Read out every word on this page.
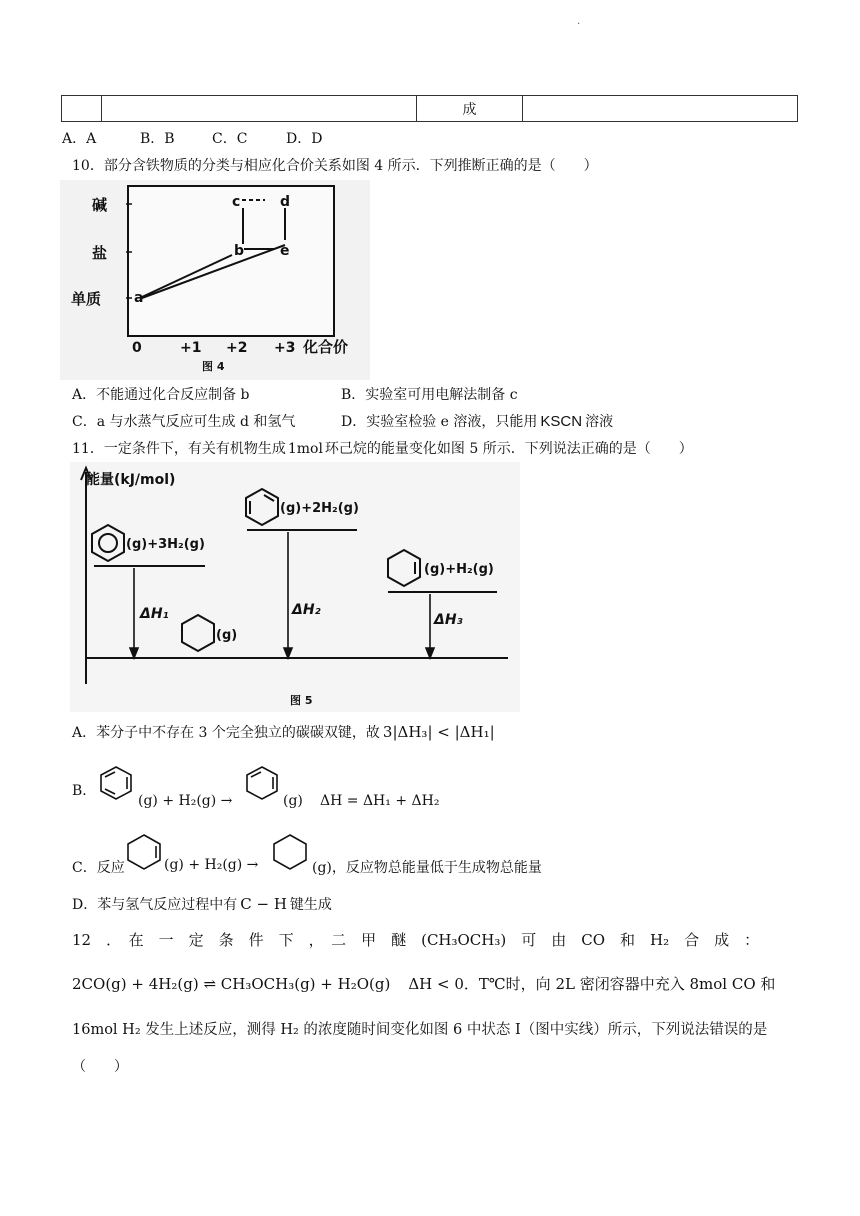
.
		成	
A．A	B．B	C．C	D．D
10．部分含铁物质的分类与相应化合价关系如图 4 所示．下列推断正确的是（　　）
碱
盐
单质
0	+1 +2 +3 化合价
图 4
a
b
c	d
e
A．不能通过化合反应制备 b	B．实验室可用电解法制备 c
C．a 与水蒸气反应可生成 d 和氢气	D．实验室检验 e 溶液，只能用 KSCN 溶液
11．一定条件下，有关有机物生成 1mol 环己烷的能量变化如图 5 所示．下列说法正确的是（　　）
能量(kJ/mol)
(g)+3H₂(g)
(g)+2H₂(g)
(g)+H₂(g)
ΔH₁	ΔH₂
ΔH₃
(g)
图 5
A．苯分子中不存在 3 个完全独立的碳碳双键，故 3|ΔH₃| < |ΔH₁|
B．
(g) + H₂(g) →	(g) ΔH = ΔH₁ + ΔH₂
C．反应	(g) + H₂(g) →	(g)，反应物总能量低于生成物总能量
D．苯与氢气反应过程中有 C − H 键生成
12　．　在　一　定　条　件　下　，　二　甲　醚　(CH₃OCH₃)　可　由　CO　和　H₂　合　成　：
2CO(g) + 4H₂(g) ⇌ CH₃OCH₃(g) + H₂O(g) ΔH < 0．T℃时，向 2L 密闭容器中充入 8mol CO 和
16mol H₂ 发生上述反应，测得 H₂ 的浓度随时间变化如图 6 中状态 I（图中实线）所示，下列说法错误的是
（　　）
